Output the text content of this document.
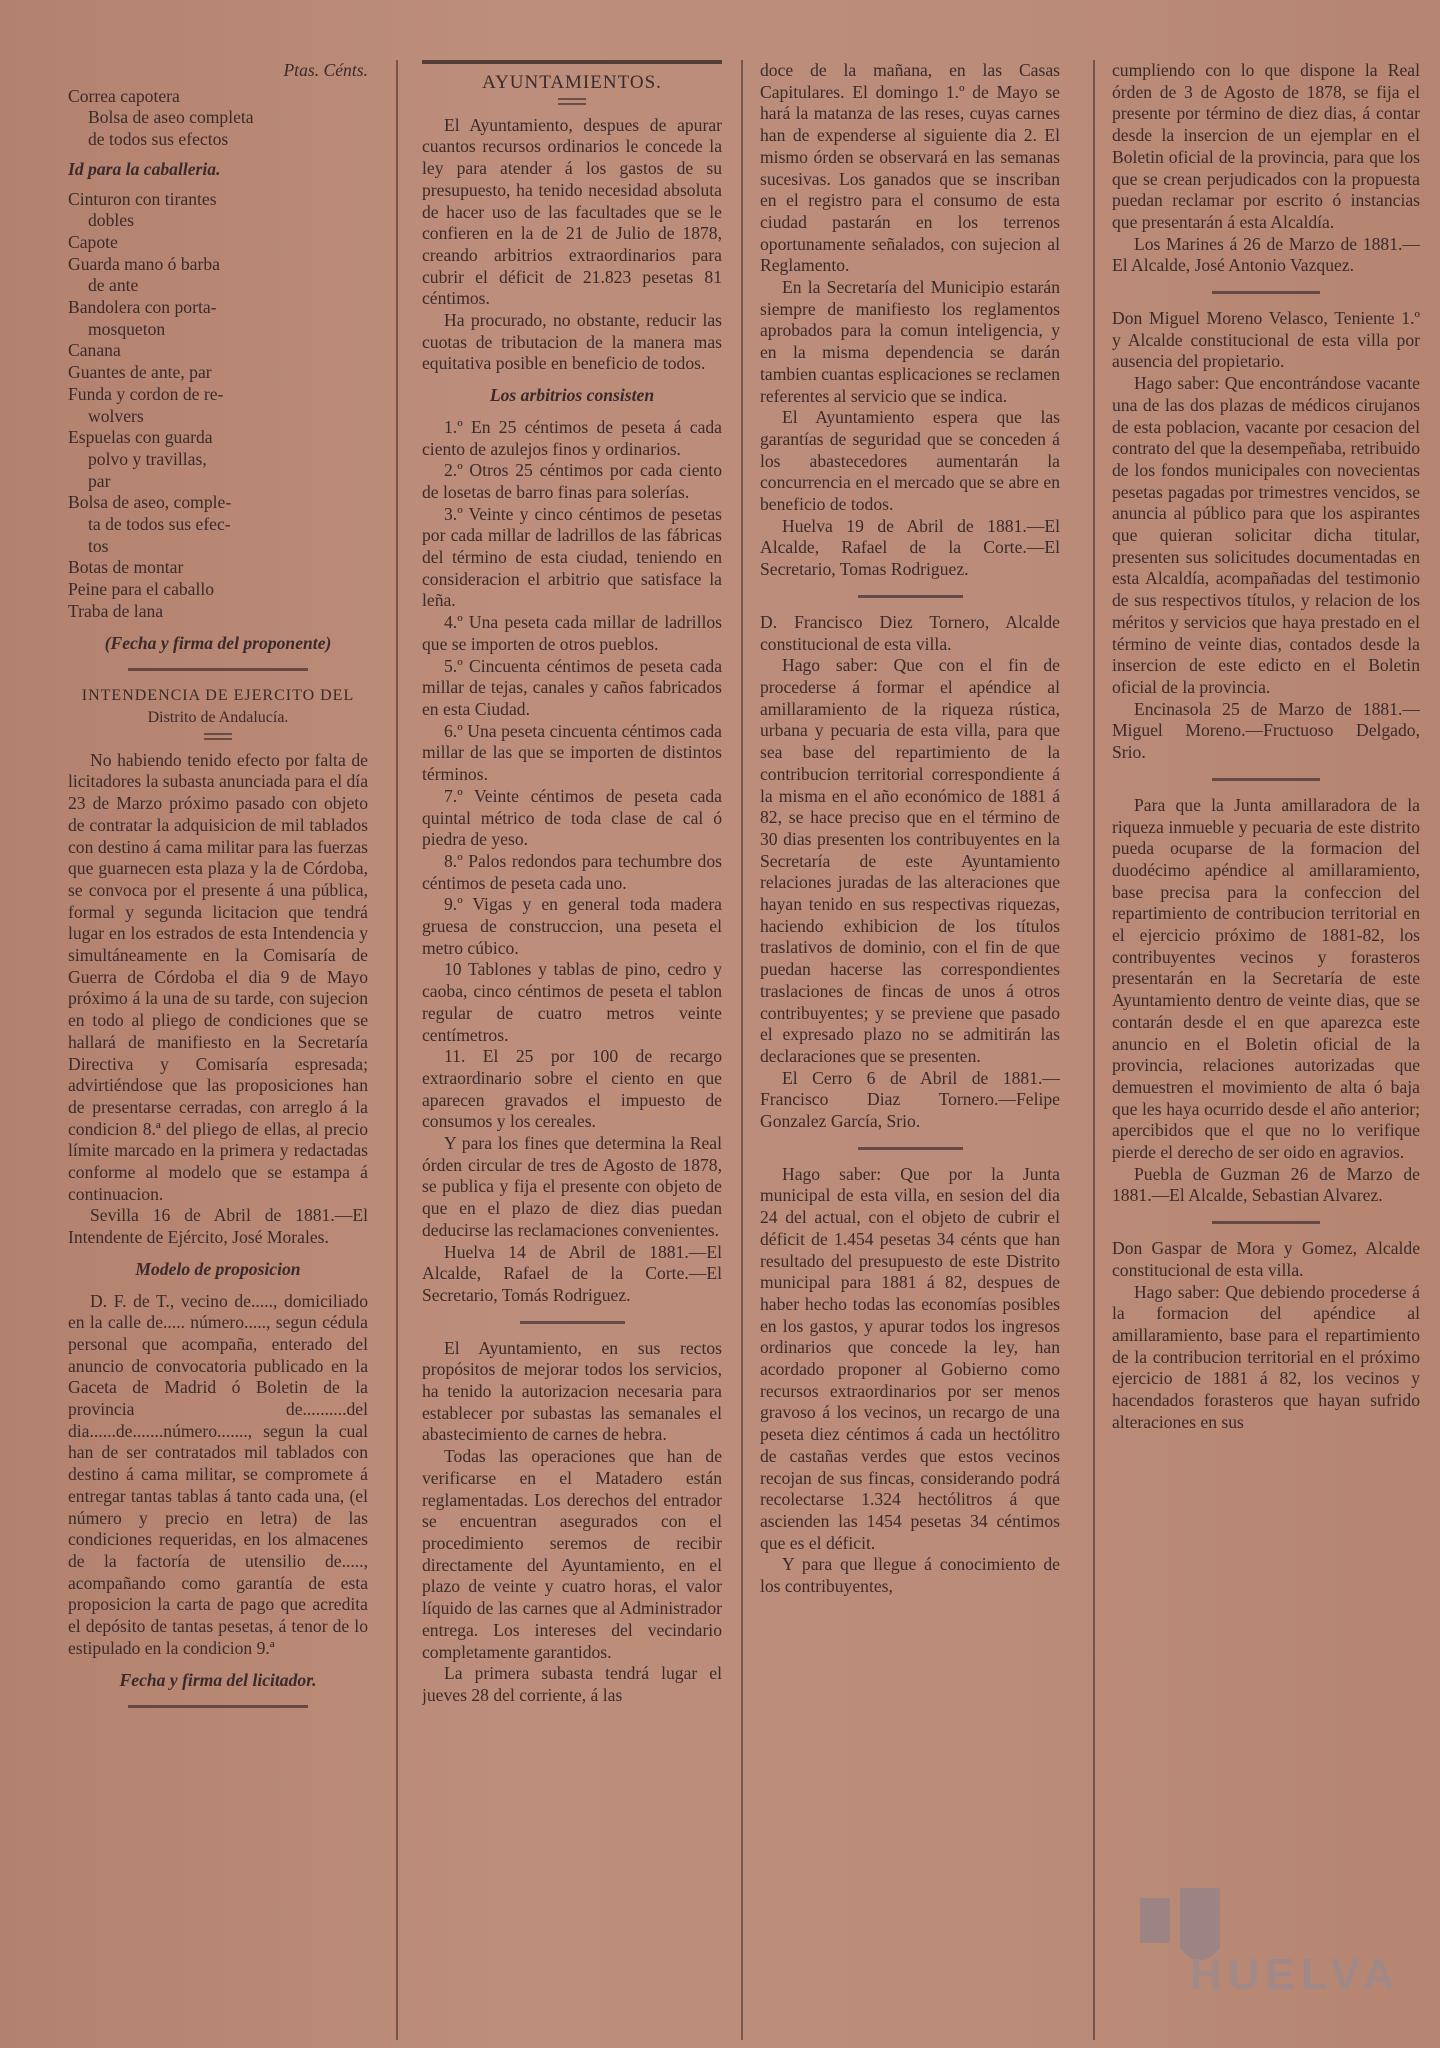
Ptas. Cénts.

Correa capotera
Bolsa de aseo completa
de todos sus efectos
Id para la caballeria.
Cinturon con tirantes
dobles
Capote
Guarda mano ó barba
de ante
Bandolera con porta-
mosqueton
Canana
Guantes de ante, par
Funda y cordon de re-
wolvers
Espuelas con guarda
polvo y travillas,
par
Bolsa de aseo, comple-
ta de todos sus efec-
tos
Botas de montar
Peine para el caballo
Traba de lana

(Fecha y firma del proponente)

INTENDENCIA DE EJERCITO DEL

Distrito de Andalucía.

No habiendo tenido efecto por falta de licitadores la subasta anunciada para el día 23 de Marzo próximo pasado con objeto de contratar la adquisicion de mil tablados con destino á cama militar para las fuerzas que guarnecen esta plaza y la de Córdoba, se convoca por el presente á una pública, formal y segunda licitacion que tendrá lugar en los estrados de esta Intendencia y simultáneamente en la Comisaría de Guerra de Córdoba el dia 9 de Mayo próximo á la una de su tarde, con sujecion en todo al pliego de condiciones que se hallará de manifiesto en la Secretaría Directiva y Comisaría espresada; advirtiéndose que las proposiciones han de presentarse cerradas, con arreglo á la condicion 8.ª del pliego de ellas, al precio límite marcado en la primera y redactadas conforme al modelo que se estampa á continuacion.

Sevilla 16 de Abril de 1881.—El Intendente de Ejército, José Morales.

Modelo de proposicion

D. F. de T., vecino de....., domiciliado en la calle de..... número....., segun cédula personal que acompaña, enterado del anuncio de convocatoria publicado en la Gaceta de Madrid ó Boletin de la provincia de..........del dia......de.......número......., segun la cual han de ser contratados mil tablados con destino á cama militar, se compromete á entregar tantas tablas á tanto cada una, (el número y precio en letra) de las condiciones requeridas, en los almacenes de la factoría de utensilio de....., acompañando como garantía de esta proposicion la carta de pago que acredita el depósito de tantas pesetas, á tenor de lo estipulado en la condicion 9.ª

Fecha y firma del licitador.

AYUNTAMIENTOS.

El Ayuntamiento, despues de apurar cuantos recursos ordinarios le concede la ley para atender á los gastos de su presupuesto, ha tenido necesidad absoluta de hacer uso de las facultades que se le confieren en la de 21 de Julio de 1878, creando arbitrios extraordinarios para cubrir el déficit de 21.823 pesetas 81 céntimos.

Ha procurado, no obstante, reducir las cuotas de tributacion de la manera mas equitativa posible en beneficio de todos.

Los arbitrios consisten

1.º En 25 céntimos de peseta á cada ciento de azulejos finos y ordinarios.

2.º Otros 25 céntimos por cada ciento de losetas de barro finas para solerías.

3.º Veinte y cinco céntimos de pesetas por cada millar de ladrillos de las fábricas del término de esta ciudad, teniendo en consideracion el arbitrio que satisface la leña.

4.º Una peseta cada millar de ladrillos que se importen de otros pueblos.

5.º Cincuenta céntimos de peseta cada millar de tejas, canales y caños fabricados en esta Ciudad.

6.º Una peseta cincuenta céntimos cada millar de las que se importen de distintos términos.

7.º Veinte céntimos de peseta cada quintal métrico de toda clase de cal ó piedra de yeso.

8.º Palos redondos para techumbre dos céntimos de peseta cada uno.

9.º Vigas y en general toda madera gruesa de construccion, una peseta el metro cúbico.

10 Tablones y tablas de pino, cedro y caoba, cinco céntimos de peseta el tablon regular de cuatro metros veinte centímetros.

11. El 25 por 100 de recargo extraordinario sobre el ciento en que aparecen gravados el impuesto de consumos y los cereales.

Y para los fines que determina la Real órden circular de tres de Agosto de 1878, se publica y fija el presente con objeto de que en el plazo de diez dias puedan deducirse las reclamaciones convenientes.

Huelva 14 de Abril de 1881.—El Alcalde, Rafael de la Corte.—El Secretario, Tomás Rodriguez.

El Ayuntamiento, en sus rectos propósitos de mejorar todos los servicios, ha tenido la autorizacion necesaria para establecer por subastas las semanales el abastecimiento de carnes de hebra.

Todas las operaciones que han de verificarse en el Matadero están reglamentadas. Los derechos del entrador se encuentran asegurados con el procedimiento seremos de recibir directamente del Ayuntamiento, en el plazo de veinte y cuatro horas, el valor líquido de las carnes que al Administrador entrega. Los intereses del vecindario completamente garantidos.

La primera subasta tendrá lugar el jueves 28 del corriente, á las

doce de la mañana, en las Casas Capitulares. El domingo 1.º de Mayo se hará la matanza de las reses, cuyas carnes han de expenderse al siguiente dia 2. El mismo órden se observará en las semanas sucesivas. Los ganados que se inscriban en el registro para el consumo de esta ciudad pastarán en los terrenos oportunamente señalados, con sujecion al Reglamento.

En la Secretaría del Municipio estarán siempre de manifiesto los reglamentos aprobados para la comun inteligencia, y en la misma dependencia se darán tambien cuantas esplicaciones se reclamen referentes al servicio que se indica.

El Ayuntamiento espera que las garantías de seguridad que se conceden á los abastecedores aumentarán la concurrencia en el mercado que se abre en beneficio de todos.

Huelva 19 de Abril de 1881.—El Alcalde, Rafael de la Corte.—El Secretario, Tomas Rodriguez.

D. Francisco Diez Tornero, Alcalde constitucional de esta villa.

Hago saber: Que con el fin de procederse á formar el apéndice al amillaramiento de la riqueza rústica, urbana y pecuaria de esta villa, para que sea base del repartimiento de la contribucion territorial correspondiente á la misma en el año económico de 1881 á 82, se hace preciso que en el término de 30 dias presenten los contribuyentes en la Secretaría de este Ayuntamiento relaciones juradas de las alteraciones que hayan tenido en sus respectivas riquezas, haciendo exhibicion de los títulos traslativos de dominio, con el fin de que puedan hacerse las correspondientes traslaciones de fincas de unos á otros contribuyentes; y se previene que pasado el expresado plazo no se admitirán las declaraciones que se presenten.

El Cerro 6 de Abril de 1881.—Francisco Diaz Tornero.—Felipe Gonzalez García, Srio.

Hago saber: Que por la Junta municipal de esta villa, en sesion del dia 24 del actual, con el objeto de cubrir el déficit de 1.454 pesetas 34 cénts que han resultado del presupuesto de este Distrito municipal para 1881 á 82, despues de haber hecho todas las economías posibles en los gastos, y apurar todos los ingresos ordinarios que concede la ley, han acordado proponer al Gobierno como recursos extraordinarios por ser menos gravoso á los vecinos, un recargo de una peseta diez céntimos á cada un hectólitro de castañas verdes que estos vecinos recojan de sus fincas, considerando podrá recolectarse 1.324 hectólitros á que ascienden las 1454 pesetas 34 céntimos que es el déficit.

Y para que llegue á conocimiento de los contribuyentes,

cumpliendo con lo que dispone la Real órden de 3 de Agosto de 1878, se fija el presente por término de diez dias, á contar desde la insercion de un ejemplar en el Boletin oficial de la provincia, para que los que se crean perjudicados con la propuesta puedan reclamar por escrito ó instancias que presentarán á esta Alcaldía.

Los Marines á 26 de Marzo de 1881.—El Alcalde, José Antonio Vazquez.

Don Miguel Moreno Velasco, Teniente 1.º y Alcalde constitucional de esta villa por ausencia del propietario.

Hago saber: Que encontrándose vacante una de las dos plazas de médicos cirujanos de esta poblacion, vacante por cesacion del contrato del que la desempeñaba, retribuido de los fondos municipales con novecientas pesetas pagadas por trimestres vencidos, se anuncia al público para que los aspirantes que quieran solicitar dicha titular, presenten sus solicitudes documentadas en esta Alcaldía, acompañadas del testimonio de sus respectivos títulos, y relacion de los méritos y servicios que haya prestado en el término de veinte dias, contados desde la insercion de este edicto en el Boletin oficial de la provincia.

Encinasola 25 de Marzo de 1881.—Miguel Moreno.—Fructuoso Delgado, Srio.

Para que la Junta amillaradora de la riqueza inmueble y pecuaria de este distrito pueda ocuparse de la formacion del duodécimo apéndice al amillaramiento, base precisa para la confeccion del repartimiento de contribucion territorial en el ejercicio próximo de 1881-82, los contribuyentes vecinos y forasteros presentarán en la Secretaría de este Ayuntamiento dentro de veinte dias, que se contarán desde el en que aparezca este anuncio en el Boletin oficial de la provincia, relaciones autorizadas que demuestren el movimiento de alta ó baja que les haya ocurrido desde el año anterior; apercibidos que el que no lo verifique pierde el derecho de ser oido en agravios.

Puebla de Guzman 26 de Marzo de 1881.—El Alcalde, Sebastian Alvarez.

Don Gaspar de Mora y Gomez, Alcalde constitucional de esta villa.

Hago saber: Que debiendo procederse á la formacion del apéndice al amillaramiento, base para el repartimiento de la contribucion territorial en el próximo ejercicio de 1881 á 82, los vecinos y hacendados forasteros que hayan sufrido alteraciones en sus

HUELVA
